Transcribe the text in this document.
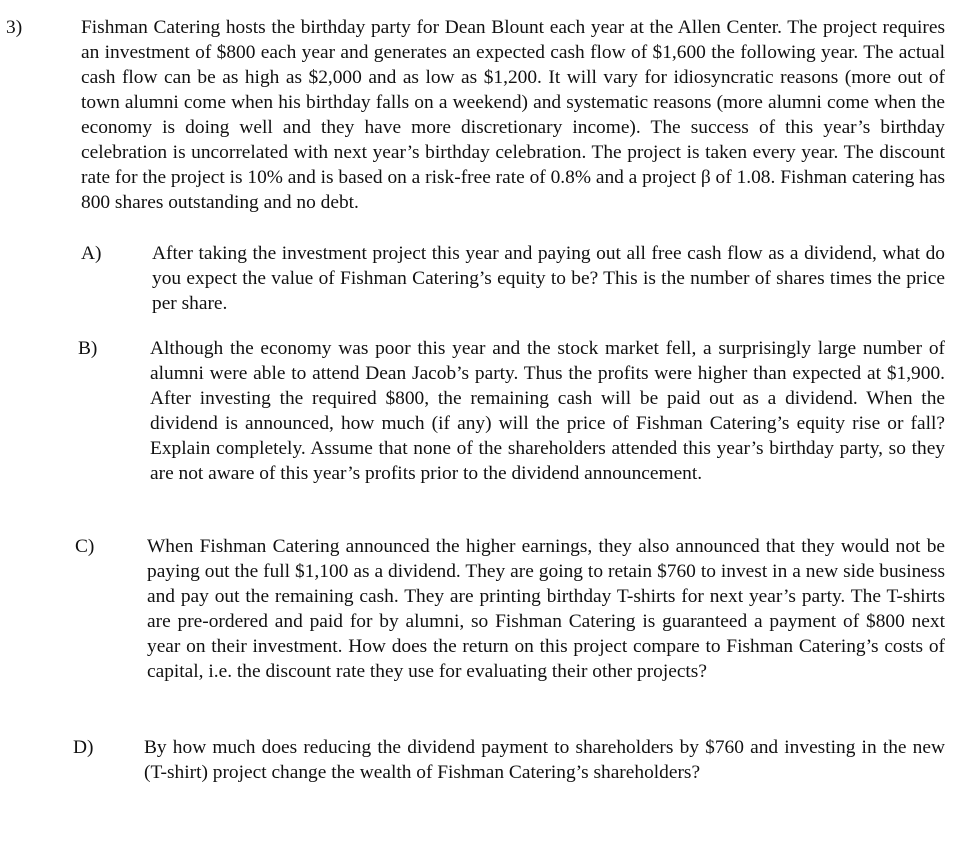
3)	Fishman Catering hosts the birthday party for Dean Blount each year at the Allen Center. The project requires an investment of $800 each year and generates an expected cash flow of $1,600 the following year. The actual cash flow can be as high as $2,000 and as low as $1,200. It will vary for idiosyncratic reasons (more out of town alumni come when his birthday falls on a weekend) and systematic reasons (more alumni come when the economy is doing well and they have more discretionary income). The success of this year’s birthday celebration is uncorrelated with next year’s birthday celebration. The project is taken every year. The discount rate for the project is 10% and is based on a risk-free rate of 0.8% and a project β of 1.08. Fishman catering has 800 shares outstanding and no debt.
A)	After taking the investment project this year and paying out all free cash flow as a dividend, what do you expect the value of Fishman Catering’s equity to be? This is the number of shares times the price per share.
B)	Although the economy was poor this year and the stock market fell, a surprisingly large number of alumni were able to attend Dean Jacob’s party. Thus the profits were higher than expected at $1,900. After investing the required $800, the remaining cash will be paid out as a dividend. When the dividend is announced, how much (if any) will the price of Fishman Catering’s equity rise or fall? Explain completely. Assume that none of the shareholders attended this year’s birthday party, so they are not aware of this year’s profits prior to the dividend announcement.
C)	When Fishman Catering announced the higher earnings, they also announced that they would not be paying out the full $1,100 as a dividend. They are going to retain $760 to invest in a new side business and pay out the remaining cash. They are printing birthday T-shirts for next year’s party. The T-shirts are pre-ordered and paid for by alumni, so Fishman Catering is guaranteed a payment of $800 next year on their investment. How does the return on this project compare to Fishman Catering’s costs of capital, i.e. the discount rate they use for evaluating their other projects?
D)	By how much does reducing the dividend payment to shareholders by $760 and investing in the new (T-shirt) project change the wealth of Fishman Catering’s shareholders?
